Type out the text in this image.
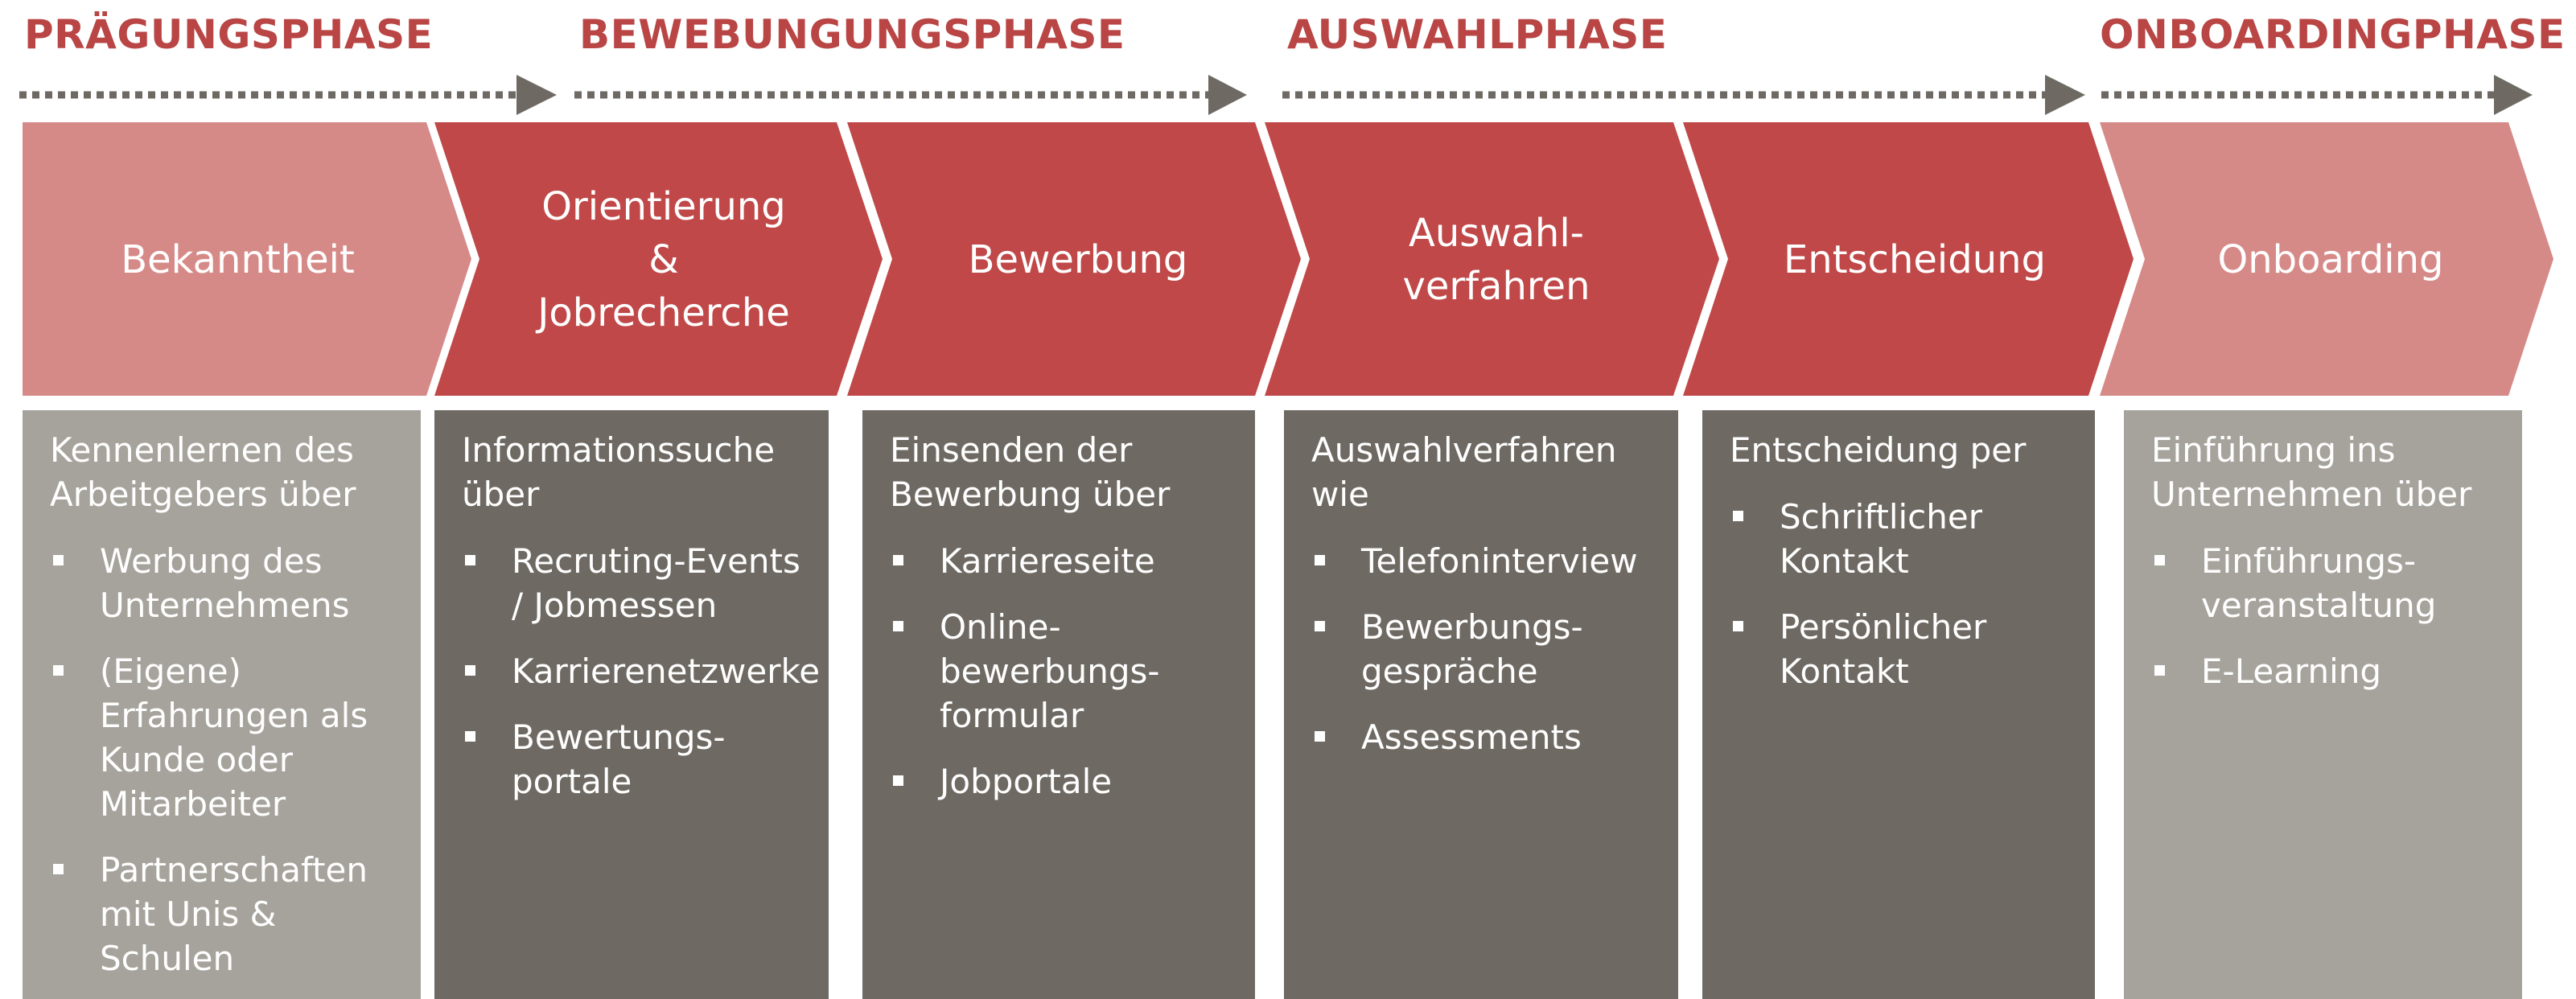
PRÄGUNGSPHASE	BEWEBUNGUNGSPHASE	AUSWAHLPHASE	ONBOARDINGPHASE
Bekanntheit
Orientierung
&
Jobrecherche
Bewerbung
Auswahl-
verfahren
Entscheidung	Onboarding

Kennenlernen des Arbeitgebers über

Werbung des Unternehmens
(Eigene) Erfahrungen als Kunde oder Mitarbeiter
Partnerschaften mit Unis & Schulen

Informationssuche über

Recruting-Events / Jobmessen
Karrierenetzwerke
Bewertungs-portale

Einsenden der Bewerbung über

Karriereseite
Online-bewerbungs-formular
Jobportale

Auswahlverfahren wie

Telefoninterview
Bewerbungs-gespräche
Assessments

Entscheidung per

Schriftlicher Kontakt
Persönlicher Kontakt

Einführung ins Unternehmen über

Einführungs-veranstaltung
E-Learning
